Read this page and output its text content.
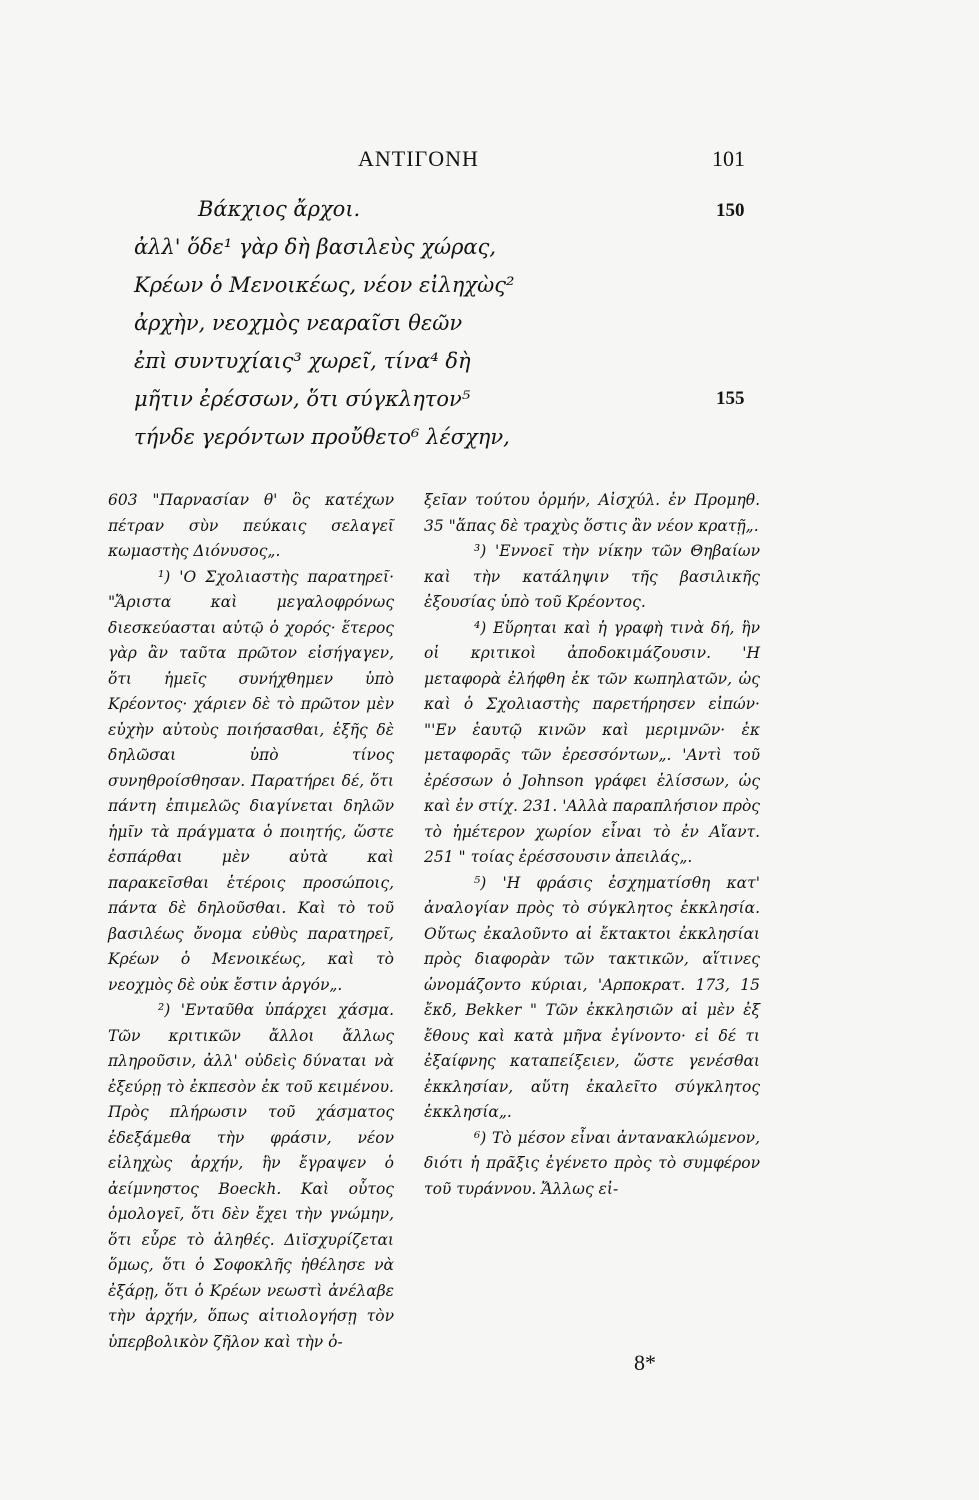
ΑΝΤΙΓΟΝΗ	101
Βάκχιος ἄρχοι.
ἀλλ' ὅδε¹ γὰρ δὴ βασιλεὺς χώρας,
Κρέων ὁ Μενοικέως, νέον εἰληχὼς²
ἀρχὴν, νεοχμὸς νεαραῖσι θεῶν
ἐπὶ συντυχίαις³ χωρεῖ, τίνα⁴ δὴ
μῆτιν ἐρέσσων, ὅτι σύγκλητον⁵
τήνδε γερόντων προὔθετο⁶ λέσχην,
150
155

603 "Παρνασίαν θ' ὃς κατέχων πέτραν σὺν πεύκαις σελαγεῖ κωμαστὴς Διόνυσος„.

¹) 'Ο Σχολιαστὴς παρατηρεῖ· "Ἄριστα καὶ μεγαλοφρόνως διεσκεύασται αὐτῷ ὁ χορός· ἕτερος γὰρ ἂν ταῦτα πρῶτον εἰσήγαγεν, ὅτι ἡμεῖς συνήχθημεν ὑπὸ Κρέοντος· χάριεν δὲ τὸ πρῶτον μὲν εὐχὴν αὐτοὺς ποιήσασθαι, ἑξῆς δὲ δηλῶσαι ὑπὸ τίνος συνηθροίσθησαν. Παρατήρει δέ, ὅτι πάντη ἐπιμελῶς διαγίνεται δηλῶν ἡμῖν τὰ πράγματα ὁ ποιητής, ὥστε ἐσπάρθαι μὲν αὐτὰ καὶ παρακεῖσθαι ἑτέροις προσώποις, πάντα δὲ δηλοῦσθαι. Καὶ τὸ τοῦ βασιλέως ὄνομα εὐθὺς παρατηρεῖ, Κρέων ὁ Μενοικέως, καὶ τὸ νεοχμὸς δὲ οὐκ ἔστιν ἀργόν„.

²) 'Ενταῦθα ὑπάρχει χάσμα. Τῶν κριτικῶν ἄλλοι ἄλλως πληροῦσιν, ἀλλ' οὐδεὶς δύναται νὰ ἐξεύρῃ τὸ ἐκπεσὸν ἐκ τοῦ κειμένου. Πρὸς πλήρωσιν τοῦ χάσματος ἐδεξάμεθα τὴν φράσιν, νέον εἰληχὼς ἀρχήν, ἣν ἔγραψεν ὁ ἀείμνηστος Boeckh. Καὶ οὗτος ὁμολογεῖ, ὅτι δὲν ἔχει τὴν γνώμην, ὅτι εὗρε τὸ ἀληθές. Διϊσχυρίζεται ὅμως, ὅτι ὁ Σοφοκλῆς ἠθέλησε νὰ ἐξάρῃ, ὅτι ὁ Κρέων νεωστὶ ἀνέλαβε τὴν ἀρχήν, ὅπως αἰτιολογήσῃ τὸν ὑπερβολικὸν ζῆλον καὶ τὴν ὁ-

ξεῖαν τούτου ὁρμήν, Αἰσχύλ. ἐν Προμηθ. 35 "ἅπας δὲ τραχὺς ὅστις ἂν νέον κρατῇ„.

³) 'Εννοεῖ τὴν νίκην τῶν Θηβαίων καὶ τὴν κατάληψιν τῆς βασιλικῆς ἐξουσίας ὑπὸ τοῦ Κρέοντος.

⁴) Εὕρηται καὶ ἡ γραφὴ τινὰ δή, ἣν οἱ κριτικοὶ ἀποδοκιμάζουσιν. 'Η μεταφορὰ ἐλήφθη ἐκ τῶν κωπηλατῶν, ὡς καὶ ὁ Σχολιαστὴς παρετήρησεν εἰπών· "'Εν ἑαυτῷ κινῶν καὶ μεριμνῶν· ἐκ μεταφορᾶς τῶν ἐρεσσόντων„. 'Αντὶ τοῦ ἐρέσσων ὁ Johnson γράφει ἑλίσσων, ὡς καὶ ἐν στίχ. 231. 'Αλλὰ παραπλήσιον πρὸς τὸ ἡμέτερον χωρίον εἶναι τὸ ἐν Αἴαντ. 251 " τοίας ἐρέσσουσιν ἀπειλάς„.

⁵) 'Η φράσις ἐσχηματίσθη κατ' ἀναλογίαν πρὸς τὸ σύγκλητος ἐκκλησία. Οὕτως ἐκαλοῦντο αἱ ἔκτακτοι ἐκκλησίαι πρὸς διαφορὰν τῶν τακτικῶν, αἵτινες ὠνομάζοντο κύριαι, 'Αρποκρατ. 173, 15 ἔκδ, Bekker " Τῶν ἐκκλησιῶν αἱ μὲν ἐξ ἔθους καὶ κατὰ μῆνα ἐγίνοντο· εἰ δέ τι ἐξαίφνης καταπείξειεν, ὥστε γενέσθαι ἐκκλησίαν, αὕτη ἐκαλεῖτο σύγκλητος ἐκκλησία„.

⁶) Τὸ μέσον εἶναι ἀντανακλώμενον, διότι ἡ πρᾶξις ἐγένετο πρὸς τὸ συμφέρον τοῦ τυράννου. Ἄλλως εἰ-

8*
